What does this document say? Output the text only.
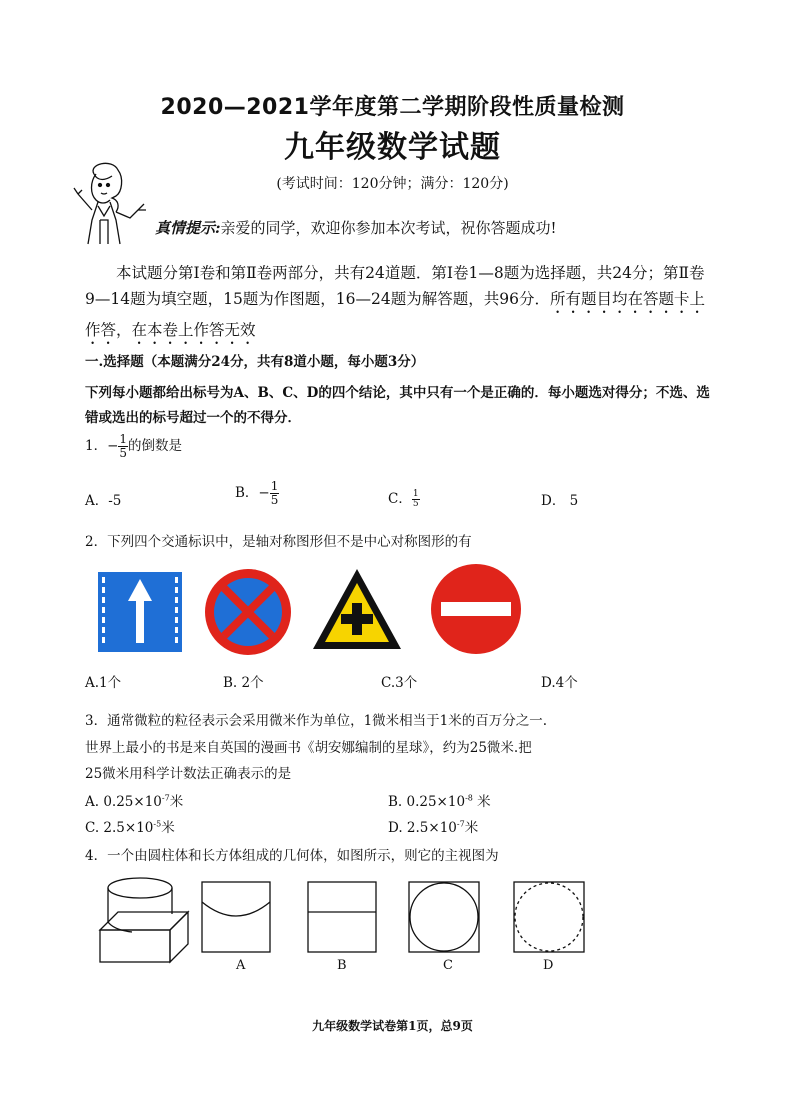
2020—2021学年度第二学期阶段性质量检测
九年级数学试题
(考试时间：120分钟；满分：120分)
真情提示:亲爱的同学，欢迎你参加本次考试，祝你答题成功!

本试题分第Ⅰ卷和第Ⅱ卷两部分，共有24道题．第Ⅰ卷1—8题为选择题，共24分；第Ⅱ卷9—14题为填空题，15题为作图题，16—24题为解答题，共96分．所有题目均在答题卡上作答，在本卷上作答无效

一.选择题（本题满分24分，共有8道小题，每小题3分）
下列每小题都给出标号为A、B、C、D的四个结论，其中只有一个是正确的．每小题选对得分；不选、选错或选出的标号超过一个的不得分．
1．− $\frac{1}{5}$ 的倒数是
A．-5	B．− $\frac{1}{5}$	C． $\frac{1}{5}$	D． 5
2．下列四个交通标识中，是轴对称图形但不是中心对称图形的有
A.1个	B. 2个	C.3个	D.4个
3．通常微粒的粒径表示会采用微米作为单位，1微米相当于1米的百万分之一.
世界上最小的书是来自英国的漫画书《胡安娜编制的星球》，约为25微米.把
25微米用科学计数法正确表示的是
A. $0.25\times 10^{-7}$米	B. $0.25\times 10^{-8}$ 米
C. $2.5\times 10^{-5}$米	D. $2.5\times 10^{-7}$米
4．一个由圆柱体和长方体组成的几何体，如图所示，则它的主视图为
A	B	C	D
九年级数学试卷第1页，总9页
